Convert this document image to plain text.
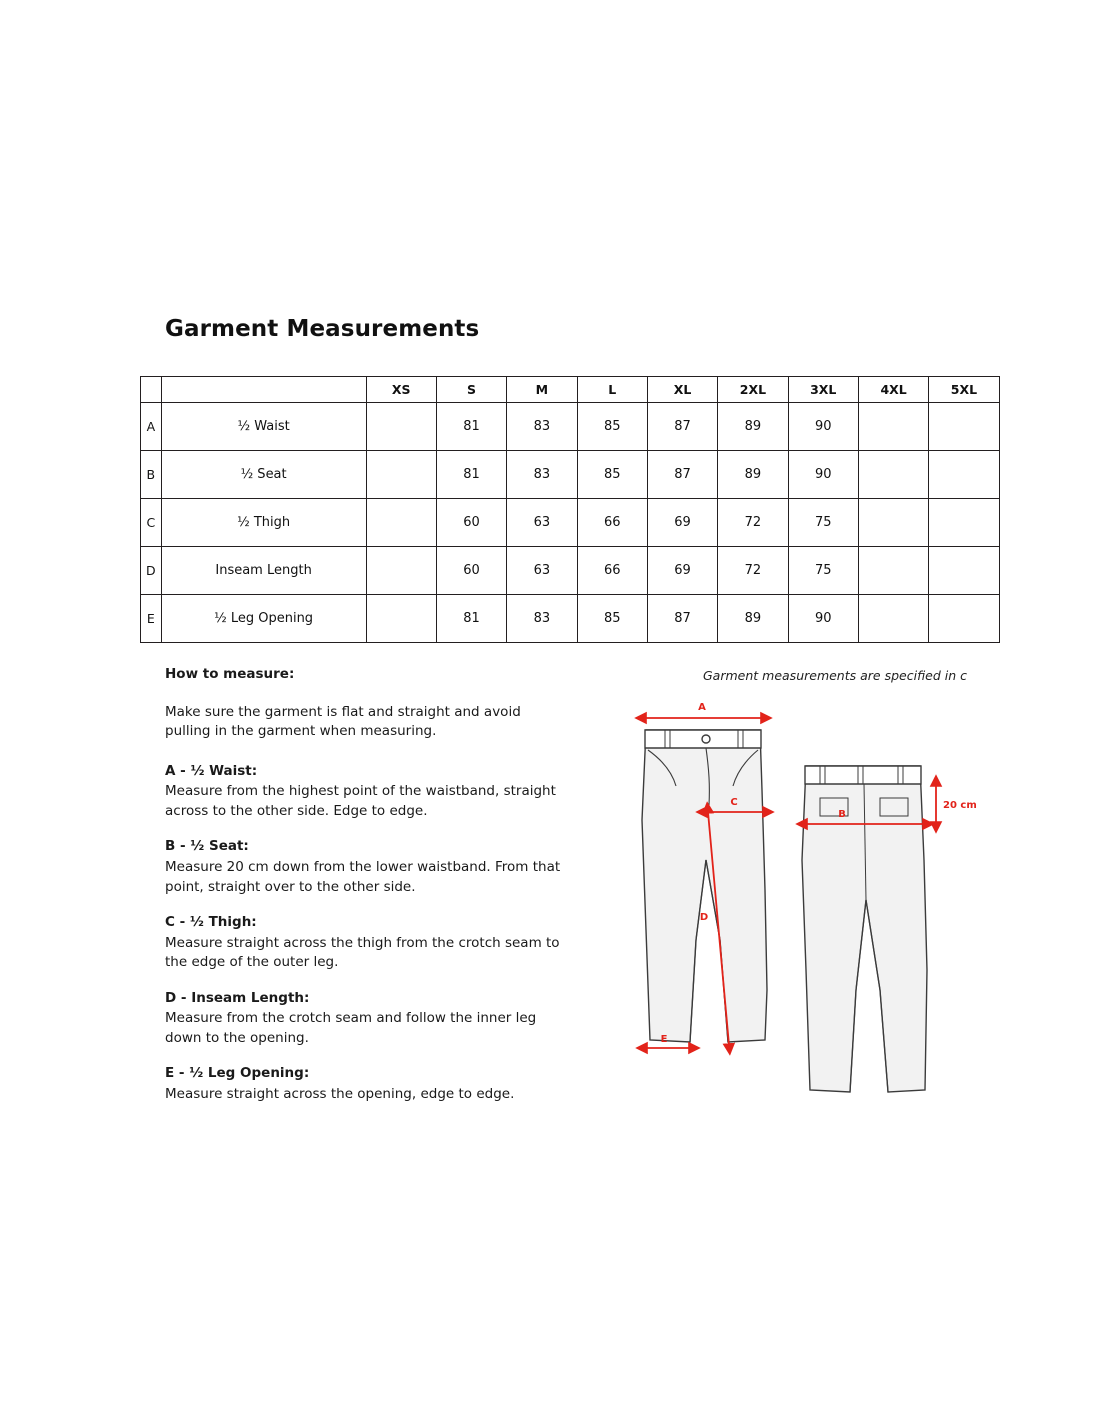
Garment Measurements
		XS	S	M	L	XL	2XL	3XL	4XL	5XL	
A	½ Waist		81	83	85	87	89	90			
B	½ Seat		81	83	85	87	89	90			
C	½ Thigh		60	63	66	69	72	75			
D	Inseam Length		60	63	66	69	72	75			
E	½ Leg Opening		81	83	85	87	89	90			
Garment measurements are specified in c
How to measure:

Make sure the garment is flat and straight and avoid pulling in the garment when measuring.

A - ½ Waist:
Measure from the highest point of the waistband, straight across to the other side. Edge to edge.
B - ½ Seat:
Measure 20 cm down from the lower waistband. From that point, straight over to the other side.
C - ½ Thigh:
Measure straight across the thigh from the crotch seam to the edge of the outer leg.
D - Inseam Length:
Measure from the crotch seam and follow the inner leg down to the opening.
E - ½ Leg Opening:
Measure straight across the opening, edge to edge.
A
C
D
E
B
20 cm
